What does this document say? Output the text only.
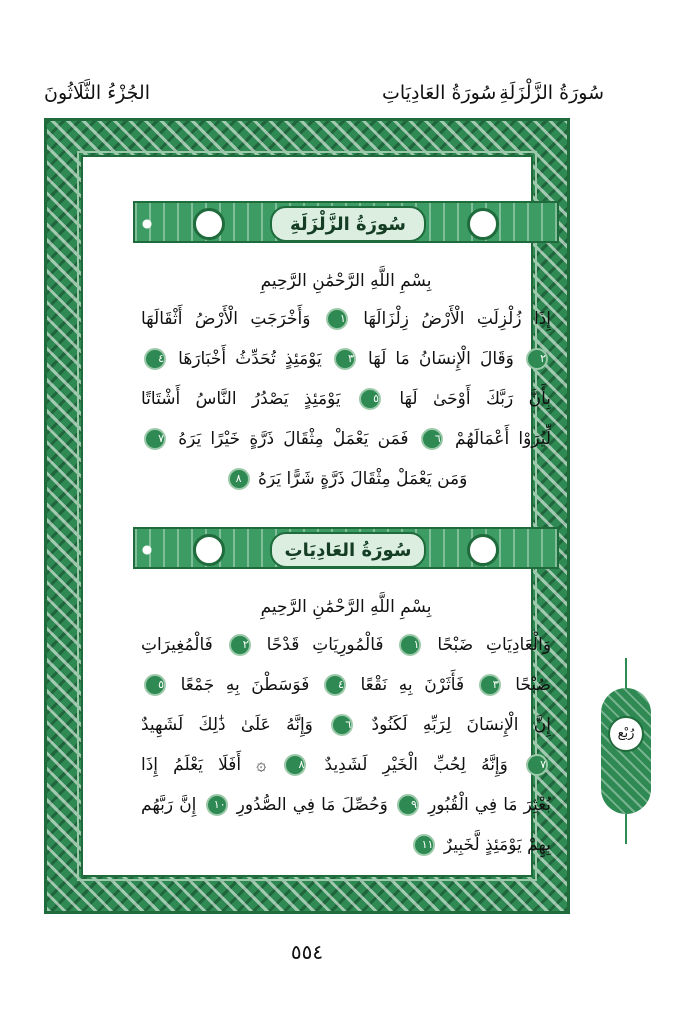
سُورَةُ الزَّلْزَلَةِ
سُورَةُ العَادِيَاتِ
الجُزْءُ الثَّلَاثُونَ
سُورَةُ الزَّلْزَلَةِ
بِسْمِ اللَّهِ الرَّحْمَٰنِ الرَّحِيمِ
إِذَا زُلْزِلَتِ الْأَرْضُ زِلْزَالَهَا ١ وَأَخْرَجَتِ الْأَرْضُ أَثْقَالَهَا
٢ وَقَالَ الْإِنسَانُ مَا لَهَا ٣ يَوْمَئِذٍ تُحَدِّثُ أَخْبَارَهَا ٤
بِأَنَّ رَبَّكَ أَوْحَىٰ لَهَا ٥ يَوْمَئِذٍ يَصْدُرُ النَّاسُ أَشْتَاتًا
لِّيُرَوْا أَعْمَالَهُمْ ٦ فَمَن يَعْمَلْ مِثْقَالَ ذَرَّةٍ خَيْرًا يَرَهُ ٧
وَمَن يَعْمَلْ مِثْقَالَ ذَرَّةٍ شَرًّا يَرَهُ ٨
سُورَةُ العَادِيَاتِ
بِسْمِ اللَّهِ الرَّحْمَٰنِ الرَّحِيمِ
وَالْعَادِيَاتِ ضَبْحًا ١ فَالْمُورِيَاتِ قَدْحًا ٢ فَالْمُغِيرَاتِ
صُبْحًا ٣ فَأَثَرْنَ بِهِ نَقْعًا ٤ فَوَسَطْنَ بِهِ جَمْعًا ٥
إِنَّ الْإِنسَانَ لِرَبِّهِ لَكَنُودٌ ٦ وَإِنَّهُ عَلَىٰ ذَٰلِكَ لَشَهِيدٌ
٧ وَإِنَّهُ لِحُبِّ الْخَيْرِ لَشَدِيدٌ ٨ ۞ أَفَلَا يَعْلَمُ إِذَا
بُعْثِرَ مَا فِي الْقُبُورِ ٩ وَحُصِّلَ مَا فِي الصُّدُورِ ١٠ إِنَّ رَبَّهُم
بِهِمْ يَوْمَئِذٍ لَّخَبِيرٌ ١١
٥٥٤
رُبْع
